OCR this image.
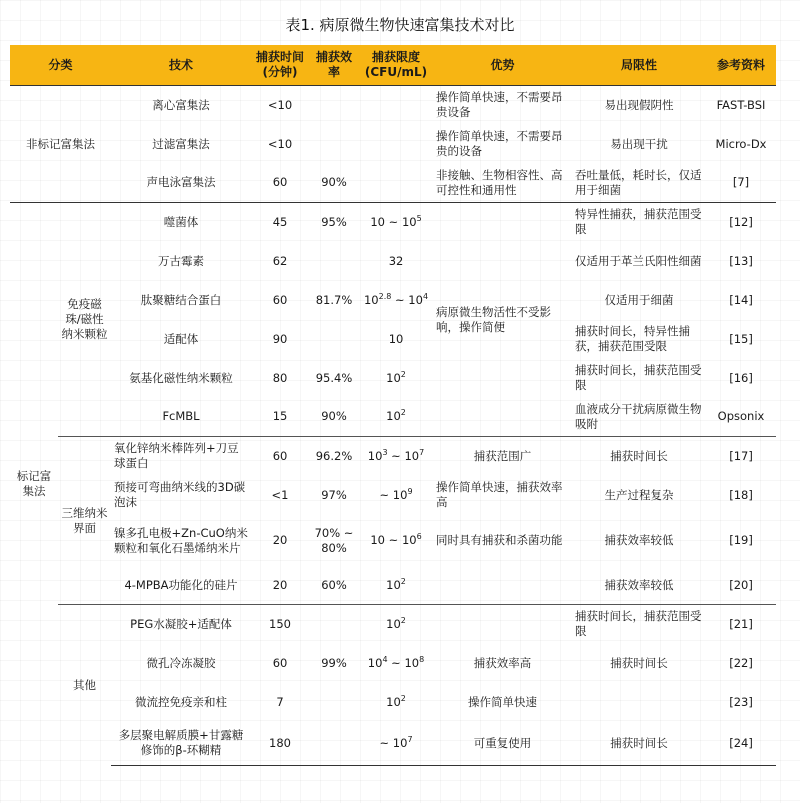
表1. 病原微生物快速富集技术对比
分类		技术	捕获时间(分钟)	捕获效率	捕获限度(CFU/mL)	优势	局限性	参考资料
非标记富集法		离心富集法	<10			操作简单快速，不需要昂贵设备	易出现假阴性	FAST-BSI
		过滤富集法	<10			操作简单快速，不需要昂贵的设备	易出现干扰	Micro-Dx
		声电泳富集法	60	90%		非接触、生物相容性、高可控性和通用性	吞吐量低，耗时长，仅适用于细菌	[7]
标记富集法	免疫磁珠/磁性纳米颗粒	噬菌体	45	95%	10 ~ $10^5$	病原微生物活性不受影响，操作简便	特异性捕获，捕获范围受限	[12]
		万古霉素	62		32		仅适用于革兰氏阳性细菌	[13]
		肽聚糖结合蛋白	60	81.7%	$10^{2.8}$ ~ $10^4$		仅适用于细菌	[14]
		适配体	90		10		捕获时间长，特异性捕获，捕获范围受限	[15]
		氨基化磁性纳米颗粒	80	95.4%	$10^2$		捕获时间长，捕获范围受限	[16]
		FcMBL	15	90%	$10^2$		血液成分干扰病原微生物吸附	Opsonix
	三维纳米界面	氧化锌纳米棒阵列+刀豆球蛋白	60	96.2%	$10^3$ ~ $10^7$	捕获范围广	捕获时间长	[17]
		预接可弯曲纳米线的3D碳泡沫	<1	97%	~ $10^9$	操作简单快速，捕获效率高	生产过程复杂	[18]
		镍多孔电极+Zn-CuO纳米颗粒和氧化石墨烯纳米片	20	70% ~ 80%	10 ~ $10^6$	同时具有捕获和杀菌功能	捕获效率较低	[19]
		4-MPBA功能化的硅片	20	60%	$10^2$		捕获效率较低	[20]
	其他	PEG水凝胶+适配体	150		$10^2$		捕获时间长，捕获范围受限	[21]
		微孔冷冻凝胶	60	99%	$10^4$ ~ $10^8$	捕获效率高	捕获时间长	[22]
		微流控免疫亲和柱	7		$10^2$	操作简单快速		[23]
		多层聚电解质膜+甘露糖修饰的β-环糊精	180		~ $10^7$	可重复使用	捕获时间长	[24]
